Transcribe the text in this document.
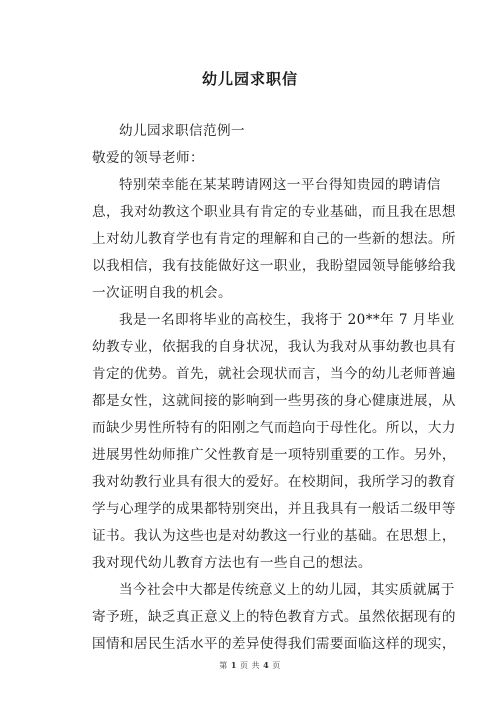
幼儿园求职信
幼儿园求职信范例一
敬爱的领导老师：
特别荣幸能在某某聘请网这一平台得知贵园的聘请信
息，我对幼教这个职业具有肯定的专业基础，而且我在思想
上对幼儿教育学也有肯定的理解和自己的一些新的想法。所
以我相信，我有技能做好这一职业，我盼望园领导能够给我
一次证明自我的机会。
我是一名即将毕业的高校生，我将于 20**年 7 月毕业
幼教专业，依据我的自身状况，我认为我对从事幼教也具有
肯定的优势。首先，就社会现状而言，当今的幼儿老师普遍
都是女性，这就间接的影响到一些男孩的身心健康进展，从
而缺少男性所特有的阳刚之气而趋向于母性化。所以，大力
进展男性幼师推广父性教育是一项特别重要的工作。另外，
我对幼教行业具有很大的爱好。在校期间，我所学习的教育
学与心理学的成果都特别突出，并且我具有一般话二级甲等
证书。我认为这些也是对幼教这一行业的基础。在思想上，
我对现代幼儿教育方法也有一些自己的想法。
当今社会中大都是传统意义上的幼儿园，其实质就属于
寄予班，缺乏真正意义上的特色教育方式。虽然依据现有的
国情和居民生活水平的差异使得我们需要面临这样的现实，
第 1 页 共 4 页
